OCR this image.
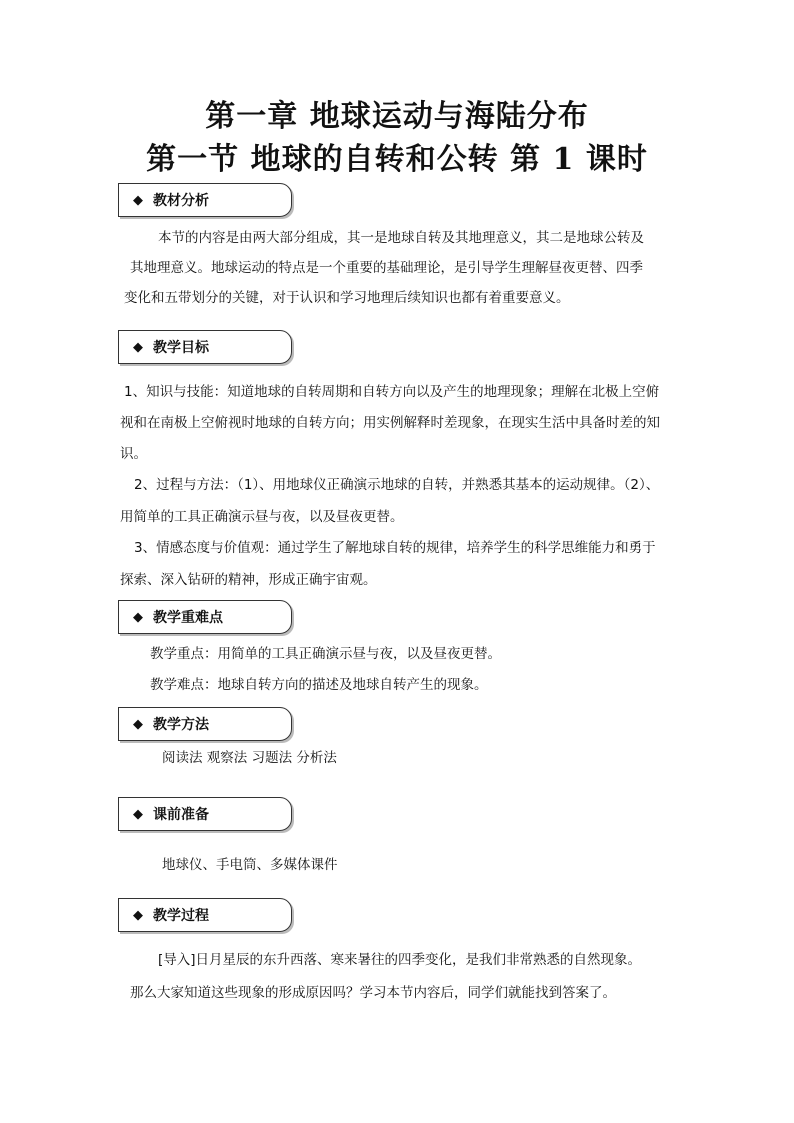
第一章 地球运动与海陆分布
第一节 地球的自转和公转 第 1 课时
◆ 教材分析
本节的内容是由两大部分组成，其一是地球自转及其地理意义，其二是地球公转及
其地理意义。地球运动的特点是一个重要的基础理论，是引导学生理解昼夜更替、四季
变化和五带划分的关键，对于认识和学习地理后续知识也都有着重要意义。
◆ 教学目标
1、知识与技能：知道地球的自转周期和自转方向以及产生的地理现象；理解在北极上空俯
视和在南极上空俯视时地球的自转方向；用实例解释时差现象，在现实生活中具备时差的知
识。
2、过程与方法：（1）、用地球仪正确演示地球的自转，并熟悉其基本的运动规律。（2）、
用简单的工具正确演示昼与夜，以及昼夜更替。
3、情感态度与价值观：通过学生了解地球自转的规律，培养学生的科学思维能力和勇于
探索、深入钻研的精神，形成正确宇宙观。
◆ 教学重难点
教学重点：用简单的工具正确演示昼与夜，以及昼夜更替。
教学难点：地球自转方向的描述及地球自转产生的现象。
◆ 教学方法
阅读法 观察法 习题法 分析法
◆ 课前准备
地球仪、手电筒、多媒体课件
◆ 教学过程
[导入]日月星辰的东升西落、寒来暑往的四季变化，是我们非常熟悉的自然现象。
那么大家知道这些现象的形成原因吗？学习本节内容后，同学们就能找到答案了。
